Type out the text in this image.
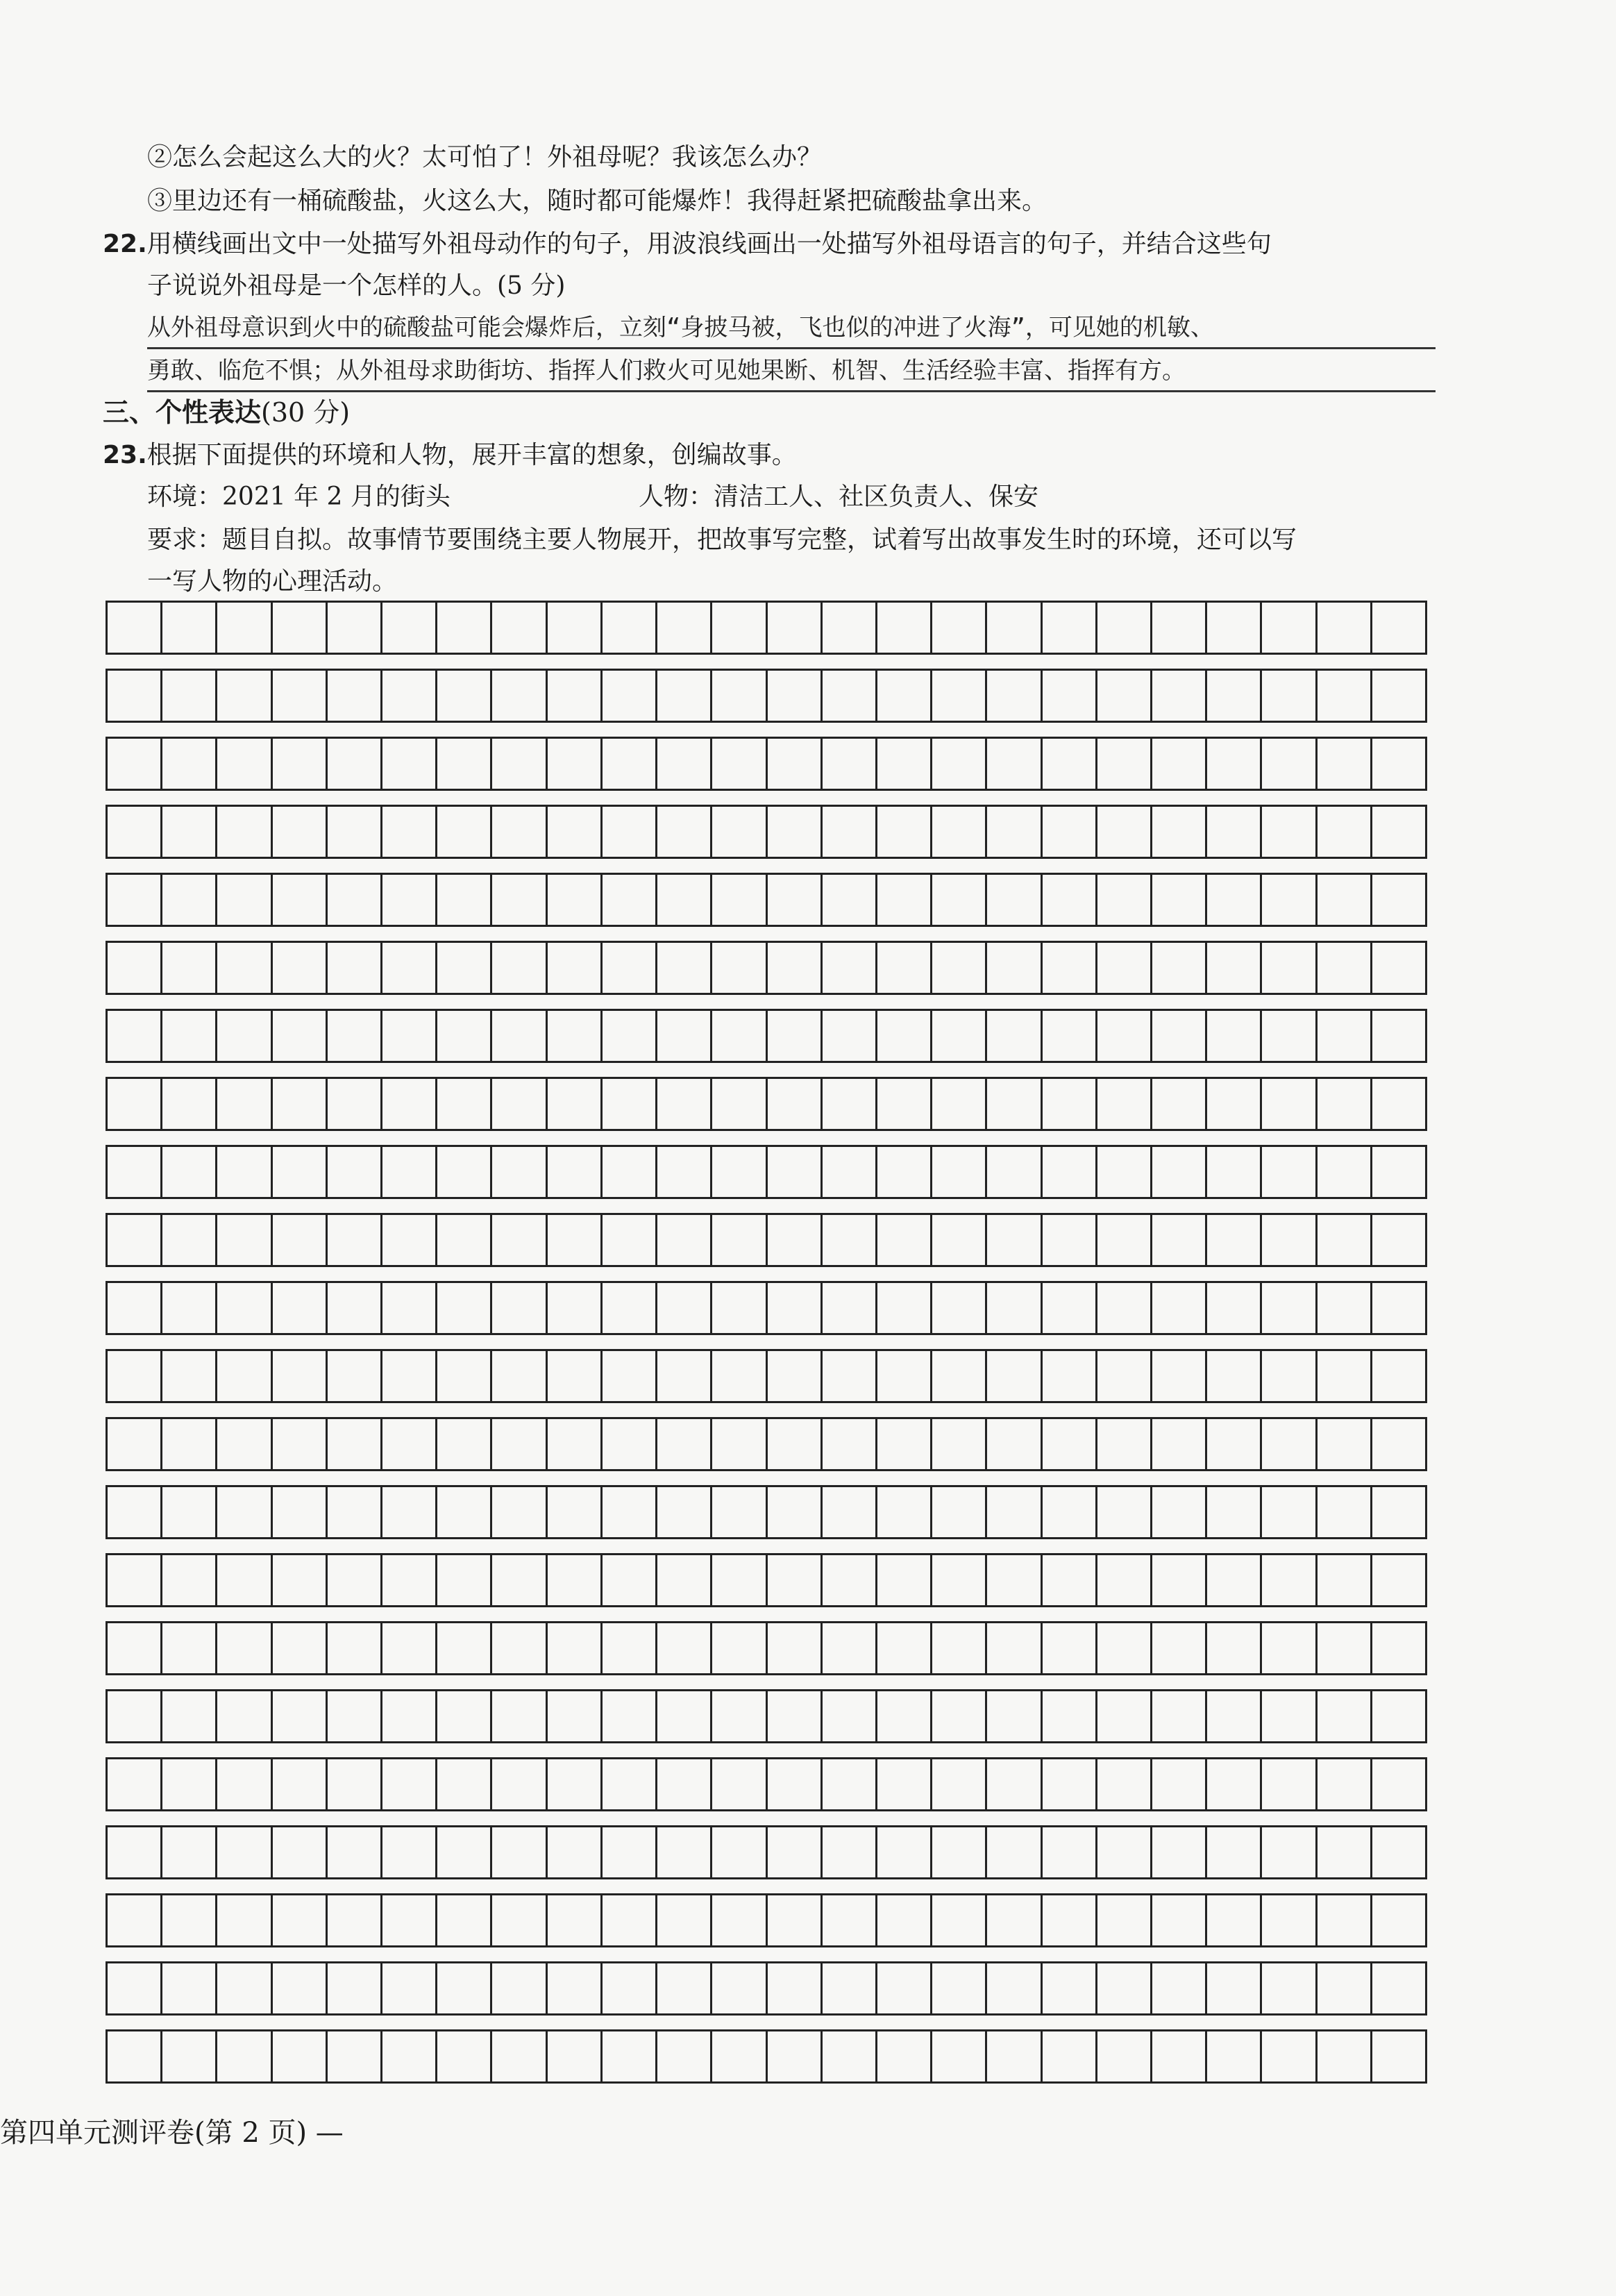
②怎么会起这么大的火？太可怕了！外祖母呢？我该怎么办？
③里边还有一桶硫酸盐，火这么大，随时都可能爆炸！我得赶紧把硫酸盐拿出来。
22.用横线画出文中一处描写外祖母动作的句子，用波浪线画出一处描写外祖母语言的句子，并结合这些句
子说说外祖母是一个怎样的人。(5 分)
从外祖母意识到火中的硫酸盐可能会爆炸后，立刻“身披马被，飞也似的冲进了火海”，可见她的机敏、
勇敢、临危不惧；从外祖母求助街坊、指挥人们救火可见她果断、机智、生活经验丰富、指挥有方。
三、个性表达(30 分)
23.根据下面提供的环境和人物，展开丰富的想象，创编故事。
环境：2021 年 2 月的街头	人物：清洁工人、社区负责人、保安
要求：题目自拟。故事情节要围绕主要人物展开，把故事写完整，试着写出故事发生时的环境，还可以写
一写人物的心理活动。
第四单元测评卷(第 2 页) —
